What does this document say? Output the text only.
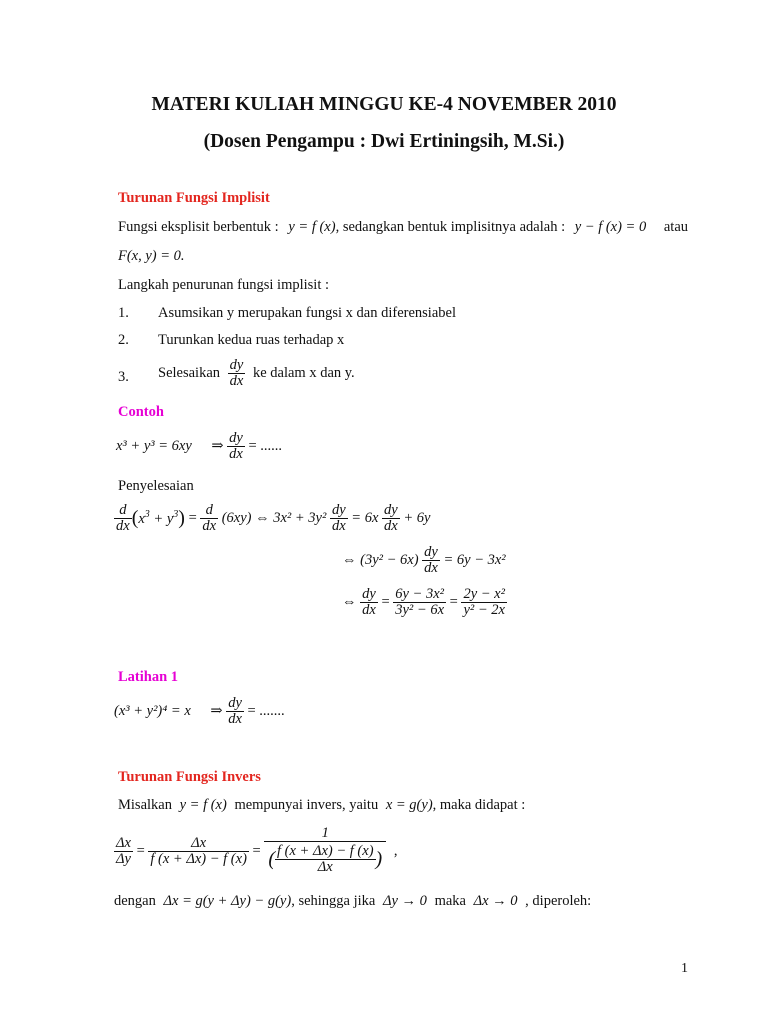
MATERI KULIAH MINGGU KE-4 NOVEMBER 2010
(Dosen Pengampu : Dwi Ertiningsih, M.Si.)
Turunan Fungsi Implisit
Fungsi eksplisit berbentuk : y = f (x), sedangkan bentuk implisitnya adalah : y − f (x) = 0 atau
F(x, y) = 0.
Langkah penurunan fungsi implisit :
1. Asumsikan y merupakan fungsi x dan diferensiabel
2. Turunkan kedua ruas terhadap x
3. Selesaikan $\frac{dy}{dx}$ ke dalam x dan y.
Contoh
x³ + y³ = 6xy ⇒ $\frac{dy}{dx}$ = ......
Penyelesaian
$\frac{d}{dx} (x^3 + y^3) = \frac{d}{dx} (6xy)$ ⇔ $3x^2 + 3y^2 \frac{dy}{dx} = 6x \frac{dy}{dx} + 6y$
⇔ $(3y^2 - 6x) \frac{dy}{dx} = 6y - 3x^2$
⇔ $\frac{dy}{dx} = \frac{\text{6y − 3x²}}{\text{3y² − 6x}} = \frac{\text{2y − x²}}{\text{y² − 2x}}$
Latihan 1
(x³ + y²)⁴ = x ⇒ $\frac{dy}{dx}$ = .......
Turunan Fungsi Invers
Misalkan y = f (x) mempunyai invers, yaitu x = g(y), maka didapat :
$\frac{\Delta x}{\Delta y} = \frac{\Delta x}{f (x + \Delta x) - f (x)} = \frac{1}{( \frac{f (x + \Delta x) - f (x)}{\Delta x} )}$ ,
dengan Δx = g(y + Δy) − g(y), sehingga jika Δy → 0 maka Δx → 0 , diperoleh:
1
